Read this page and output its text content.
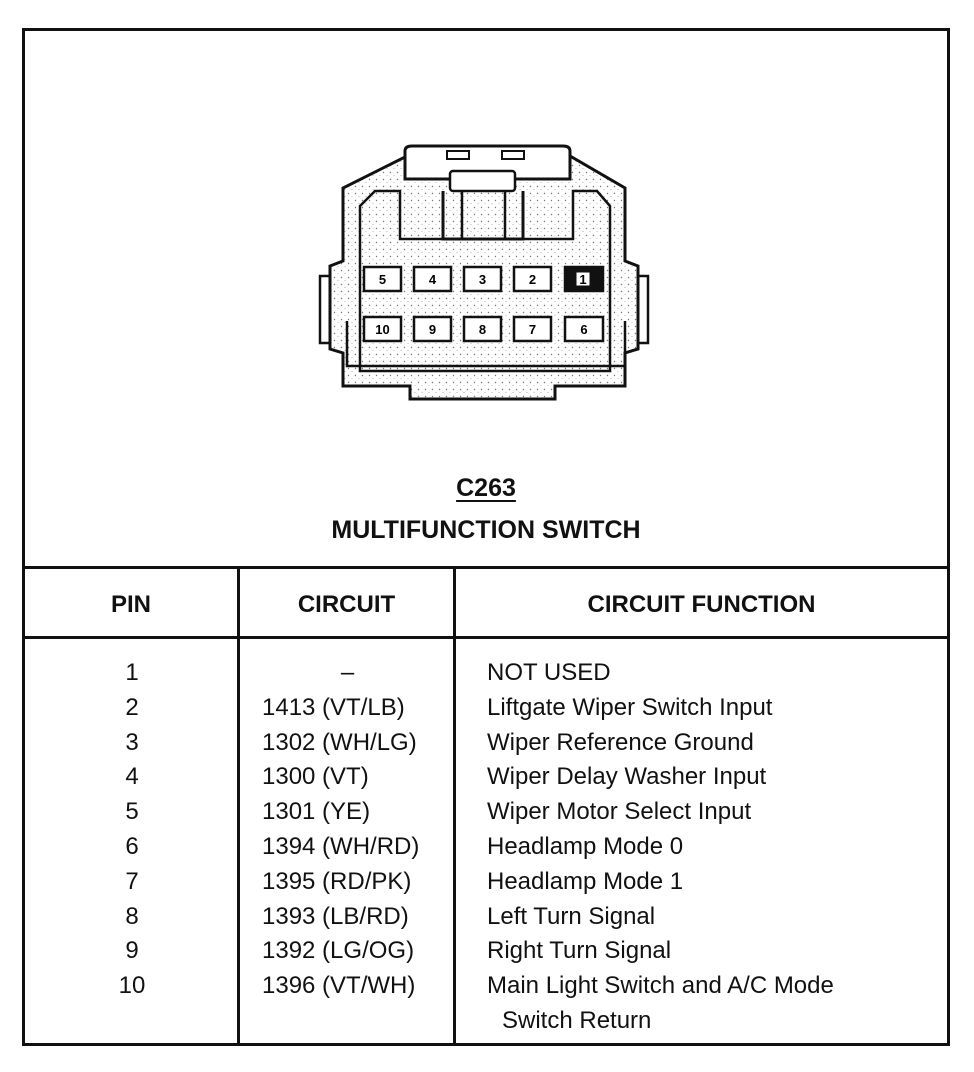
5	4	3	2	1
10	9	8	7	6
C263
MULTIFUNCTION SWITCH
PIN	CIRCUIT	CIRCUIT FUNCTION
1	–	NOT USED
2	1413 (VT/LB)	Liftgate Wiper Switch Input
3	1302 (WH/LG)	Wiper Reference Ground
4	1300 (VT)	Wiper Delay Washer Input
5	1301 (YE)	Wiper Motor Select Input
6	1394 (WH/RD)	Headlamp Mode 0
7	1395 (RD/PK)	Headlamp Mode 1
8	1393 (LB/RD)	Left Turn Signal
9	1392 (LG/OG)	Right Turn Signal
10	1396 (VT/WH)	Main Light Switch and A/C Mode
Switch Return
